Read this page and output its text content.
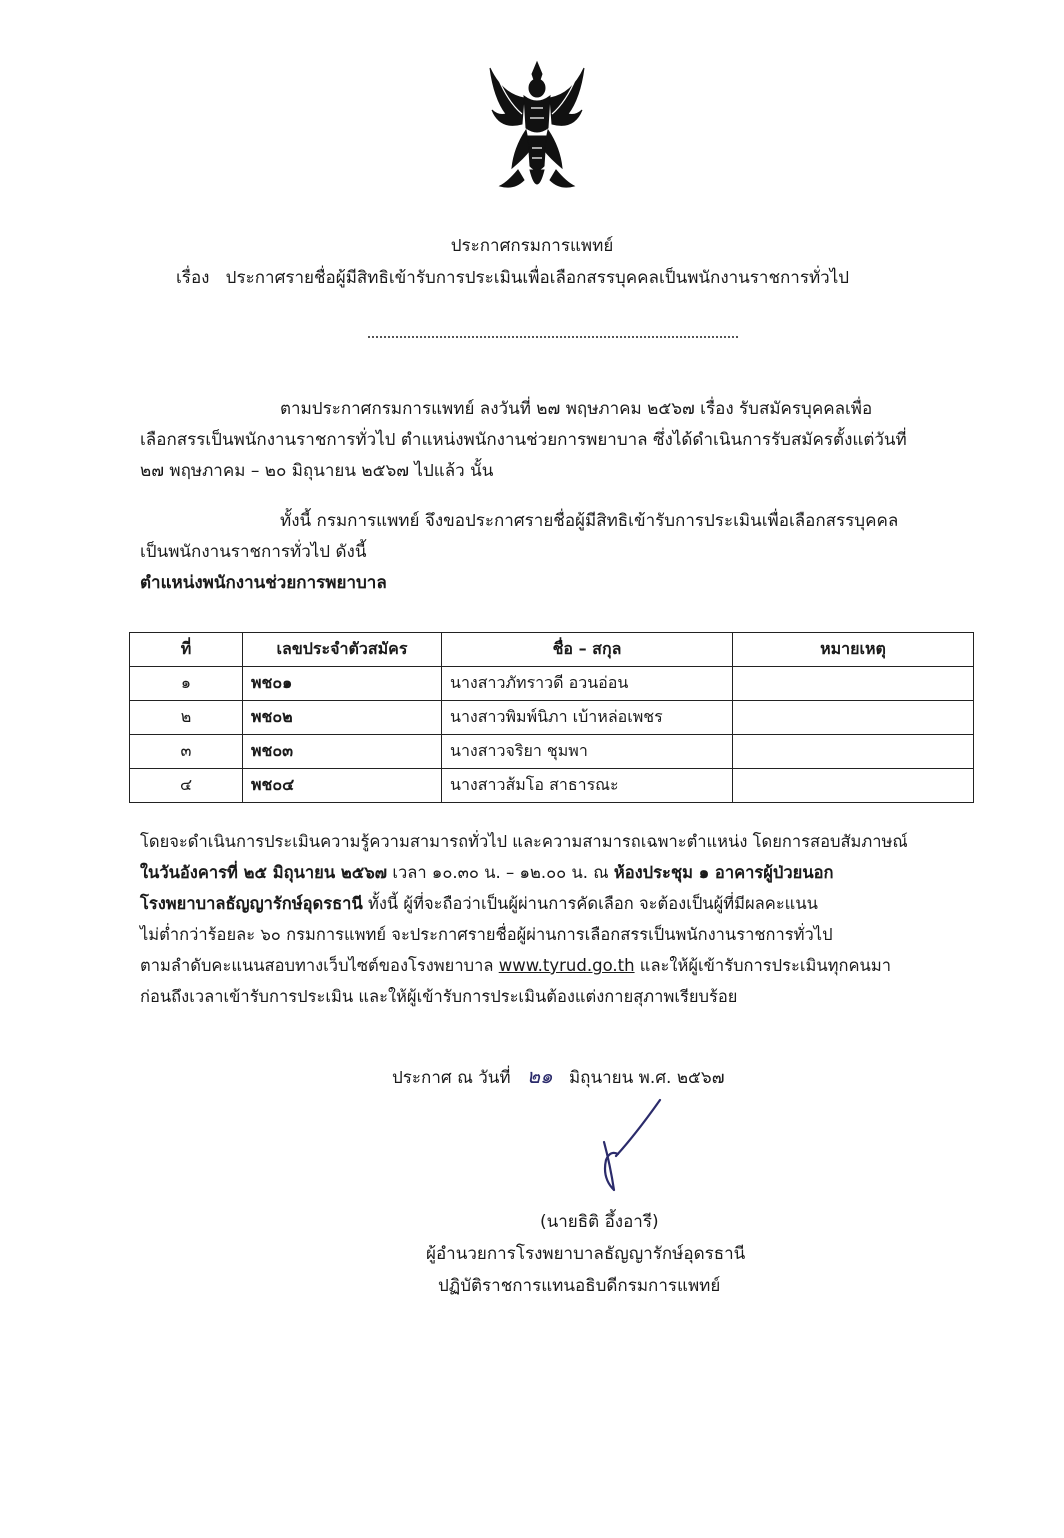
ประกาศกรมการแพทย์
เรื่อง ประกาศรายชื่อผู้มีสิทธิเข้ารับการประเมินเพื่อเลือกสรรบุคคลเป็นพนักงานราชการทั่วไป

ตามประกาศกรมการแพทย์ ลงวันที่ ๒๗ พฤษภาคม ๒๕๖๗ เรื่อง รับสมัครบุคคลเพื่อ

เลือกสรรเป็นพนักงานราชการทั่วไป ตำแหน่งพนักงานช่วยการพยาบาล ซึ่งได้ดำเนินการรับสมัครตั้งแต่วันที่

๒๗ พฤษภาคม – ๒๐ มิถุนายน ๒๕๖๗ ไปแล้ว นั้น

ทั้งนี้ กรมการแพทย์ จึงขอประกาศรายชื่อผู้มีสิทธิเข้ารับการประเมินเพื่อเลือกสรรบุคคล

เป็นพนักงานราชการทั่วไป ดังนี้

ตำแหน่งพนักงานช่วยการพยาบาล

ที่	เลขประจำตัวสมัคร	ชื่อ – สกุล	หมายเหตุ
๑	พช๐๑	นางสาวภัทราวดี อวนอ่อน	
๒	พช๐๒	นางสาวพิมพ์นิภา เบ้าหล่อเพชร	
๓	พช๐๓	นางสาวจริยา ชุมพา	
๔	พช๐๔	นางสาวส้มโอ สาธารณะ	

โดยจะดำเนินการประเมินความรู้ความสามารถทั่วไป และความสามารถเฉพาะตำแหน่ง โดยการสอบสัมภาษณ์

ในวันอังคารที่ ๒๕ มิถุนายน ๒๕๖๗ เวลา ๑๐.๓๐ น. – ๑๒.๐๐ น. ณ ห้องประชุม ๑ อาคารผู้ป่วยนอก

โรงพยาบาลธัญญารักษ์อุดรธานี ทั้งนี้ ผู้ที่จะถือว่าเป็นผู้ผ่านการคัดเลือก จะต้องเป็นผู้ที่มีผลคะแนน

ไม่ต่ำกว่าร้อยละ ๖๐ กรมการแพทย์ จะประกาศรายชื่อผู้ผ่านการเลือกสรรเป็นพนักงานราชการทั่วไป

ตามลำดับคะแนนสอบทางเว็บไซต์ของโรงพยาบาล www.tyrud.go.th และให้ผู้เข้ารับการประเมินทุกคนมา

ก่อนถึงเวลาเข้ารับการประเมิน และให้ผู้เข้ารับการประเมินต้องแต่งกายสุภาพเรียบร้อย

ประกาศ ณ วันที่ ๒๑ มิถุนายน พ.ศ. ๒๕๖๗
(นายธิติ อึ้งอารี)
ผู้อำนวยการโรงพยาบาลธัญญารักษ์อุดรธานี
ปฏิบัติราชการแทนอธิบดีกรมการแพทย์
